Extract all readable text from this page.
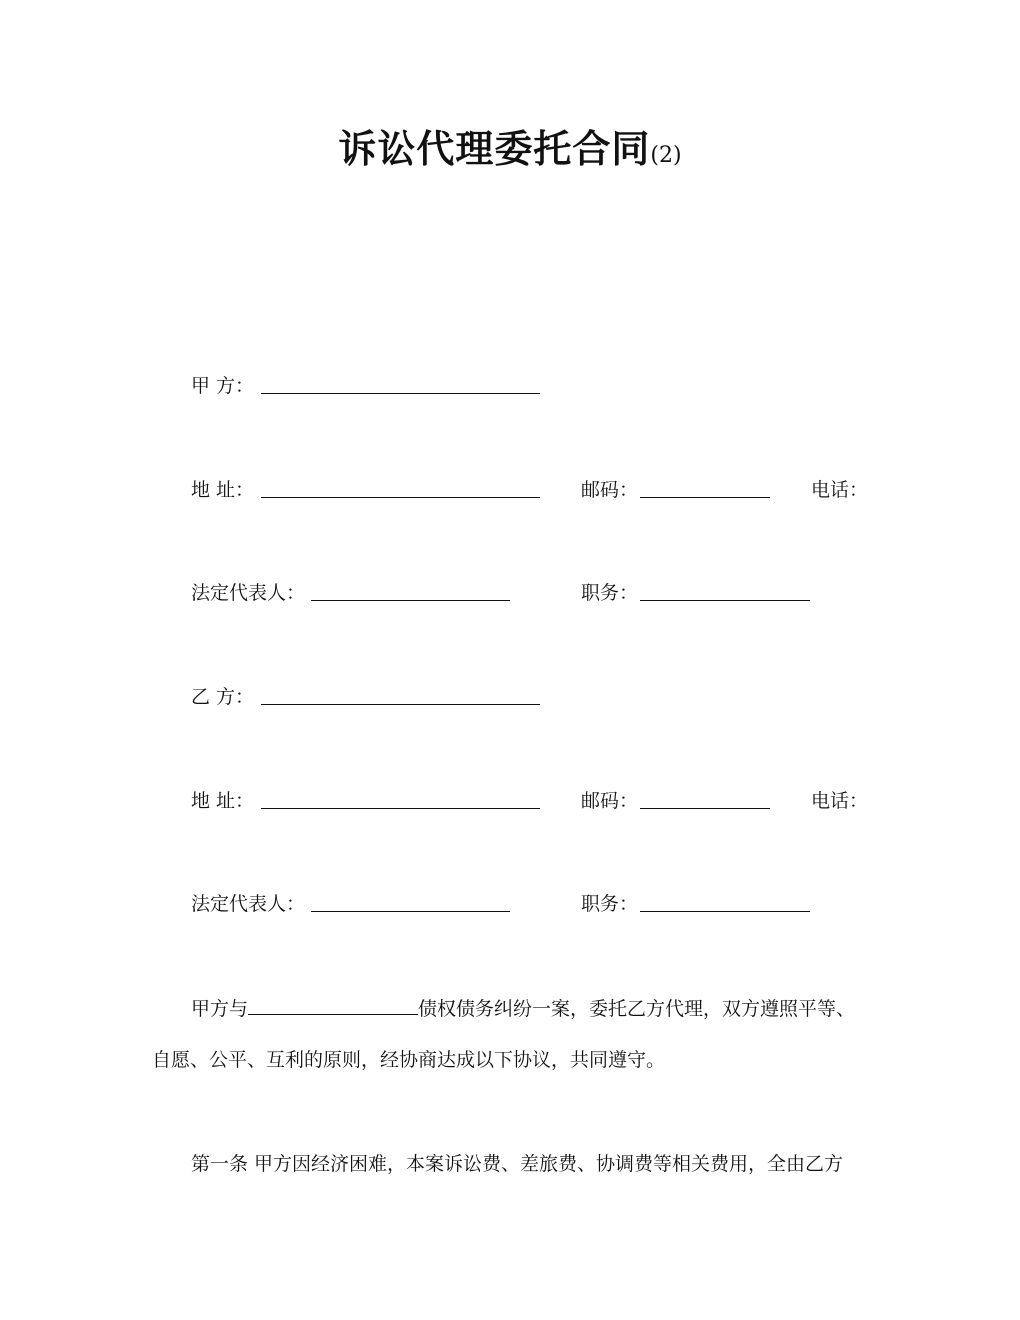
诉讼代理委托合同(2)
甲 方：
地 址：	邮码：	电话：
法定代表人：	职务：
乙 方：
地 址：	邮码：	电话：
法定代表人：	职务：
甲方与	债权债务纠纷一案，委托乙方代理，双方遵照平等、
自愿、公平、互利的原则，经协商达成以下协议，共同遵守。
第一条 甲方因经济困难，本案诉讼费、差旅费、协调费等相关费用，全由乙方
